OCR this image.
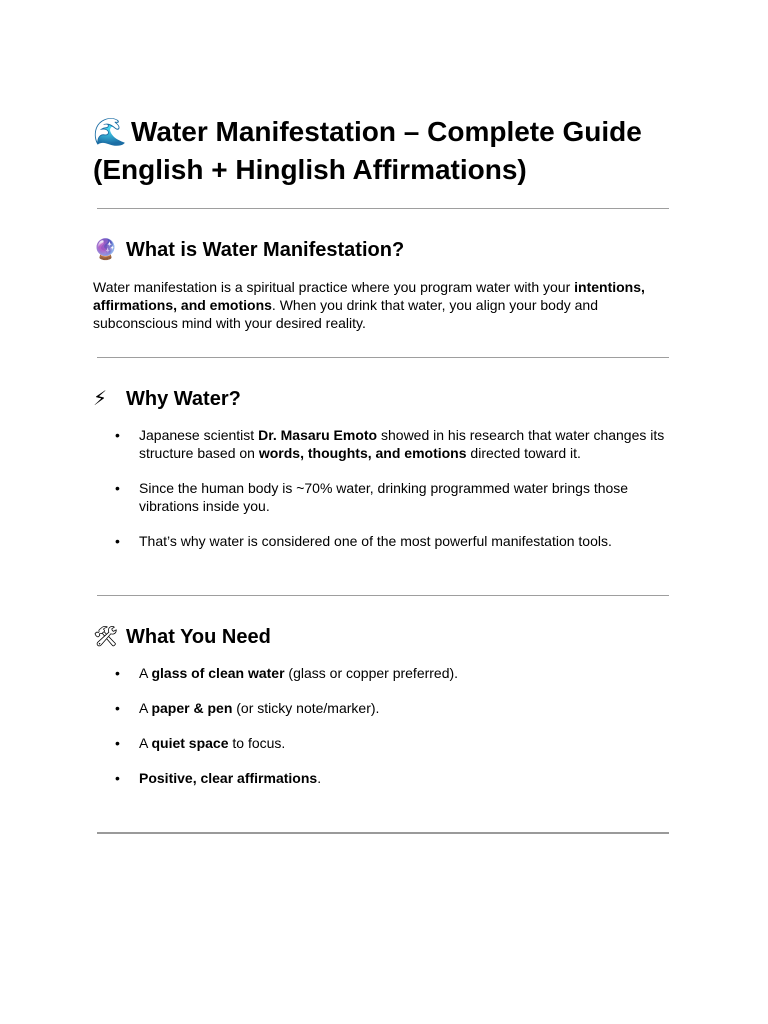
🌊 Water Manifestation – Complete Guide (English + Hinglish Affirmations)
🔮 What is Water Manifestation?

Water manifestation is a spiritual practice where you program water with your intentions, affirmations, and emotions. When you drink that water, you align your body and subconscious mind with your desired reality.

⚡ Why Water?
• Japanese scientist Dr. Masaru Emoto showed in his research that water changes its structure based on words, thoughts, and emotions directed toward it.
• Since the human body is ~70% water, drinking programmed water brings those vibrations inside you.
• That’s why water is considered one of the most powerful manifestation tools.
🛠 What You Need
• A glass of clean water (glass or copper preferred).
• A paper & pen (or sticky note/marker).
• A quiet space to focus.
• Positive, clear affirmations.
